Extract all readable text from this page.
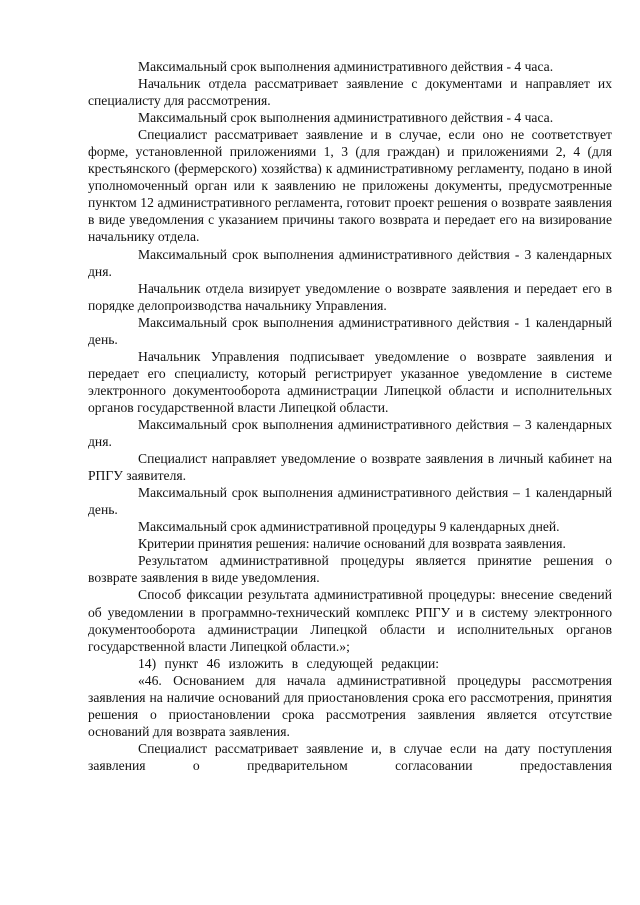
Максимальный срок выполнения административного действия - 4 часа.

Начальник отдела рассматривает заявление с документами и направляет их специалисту для рассмотрения.

Максимальный срок выполнения административного действия - 4 часа.

Специалист рассматривает заявление и в случае, если оно не соответствует форме, установленной приложениями 1, 3 (для граждан) и приложениями 2, 4 (для крестьянского (фермерского) хозяйства) к административному регламенту, подано в иной уполномоченный орган или к заявлению не приложены документы, предусмотренные пунктом 12 административного регламента, готовит проект решения о возврате заявления в виде уведомления с указанием причины такого возврата и передает его на визирование начальнику отдела.

Максимальный срок выполнения административного действия - 3 календарных дня.

Начальник отдела визирует уведомление о возврате заявления и передает его в порядке делопроизводства начальнику Управления.

Максимальный срок выполнения административного действия - 1 календарный день.

Начальник Управления подписывает уведомление о возврате заявления и передает его специалисту, который регистрирует указанное уведомление в системе электронного документооборота администрации Липецкой области и исполнительных органов государственной власти Липецкой области.

Максимальный срок выполнения административного действия – 3 календарных дня.

Специалист направляет уведомление о возврате заявления в личный кабинет на РПГУ заявителя.

Максимальный срок выполнения административного действия – 1 календарный день.

Максимальный срок административной процедуры 9 календарных дней.

Критерии принятия решения: наличие оснований для возврата заявления.

Результатом административной процедуры является принятие решения о возврате заявления в виде уведомления.

Способ фиксации результата административной процедуры: внесение сведений об уведомлении в программно-технический комплекс РПГУ и в систему электронного документооборота администрации Липецкой области и исполнительных органов государственной власти Липецкой области.»;

14) пункт 46 изложить в следующей редакции:

«46. Основанием для начала административной процедуры рассмотрения заявления на наличие оснований для приостановления срока его рассмотрения, принятия решения о приостановлении срока рассмотрения заявления является отсутствие оснований для возврата заявления.

Специалист рассматривает заявление и, в случае если на дату поступления заявления о предварительном согласовании предоставления
